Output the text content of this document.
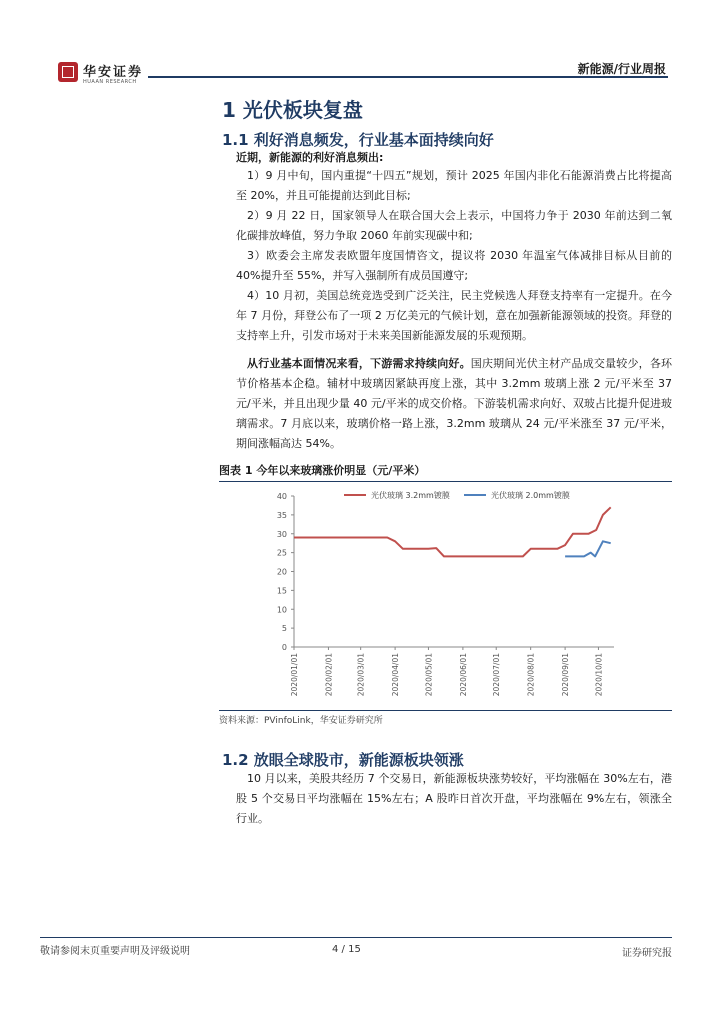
华安证券
HUAAN RESEARCH
新能源/行业周报
1 光伏板块复盘
1.1 利好消息频发，行业基本面持续向好
近期，新能源的利好消息频出:
1）9 月中旬，国内重提“十四五”规划，预计 2025 年国内非化石能源消费占比将提高至 20%，并且可能提前达到此目标;
2）9 月 22 日，国家领导人在联合国大会上表示，中国将力争于 2030 年前达到二氧化碳排放峰值，努力争取 2060 年前实现碳中和;
3）欧委会主席发表欧盟年度国情咨文，提议将 2030 年温室气体减排目标从目前的 40%提升至 55%，并写入强制所有成员国遵守;
4）10 月初，美国总统竞选受到广泛关注，民主党候选人拜登支持率有一定提升。在今年 7 月份，拜登公布了一项 2 万亿美元的气候计划，意在加强新能源领域的投资。拜登的支持率上升，引发市场对于未来美国新能源发展的乐观预期。
从行业基本面情况来看，下游需求持续向好。国庆期间光伏主材产品成交量较少，各环节价格基本企稳。辅材中玻璃因紧缺再度上涨，其中 3.2mm 玻璃上涨 2 元/平米至 37 元/平米，并且出现少量 40 元/平米的成交价格。下游装机需求向好、双玻占比提升促进玻璃需求。7 月底以来，玻璃价格一路上涨，3.2mm 玻璃从 24 元/平米涨至 37 元/平米，期间涨幅高达 54%。
图表 1 今年以来玻璃涨价明显（元/平米）
0
5
10
15
20
25
30
35
40
2020/01/01	2020/02/01	2020/03/01	2020/04/01	2020/05/01	2020/06/01	2020/07/01	2020/08/01	2020/09/01	2020/10/01
光伏玻璃 3.2mm镀膜	光伏玻璃 2.0mm镀膜
资料来源：PVinfoLink，华安证券研究所
1.2 放眼全球股市，新能源板块领涨
10 月以来，美股共经历 7 个交易日，新能源板块涨势较好，平均涨幅在 30%左右，港股 5 个交易日平均涨幅在 15%左右；A 股昨日首次开盘，平均涨幅在 9%左右，领涨全行业。
敬请参阅末页重要声明及评级说明	4 / 15	证券研究报
